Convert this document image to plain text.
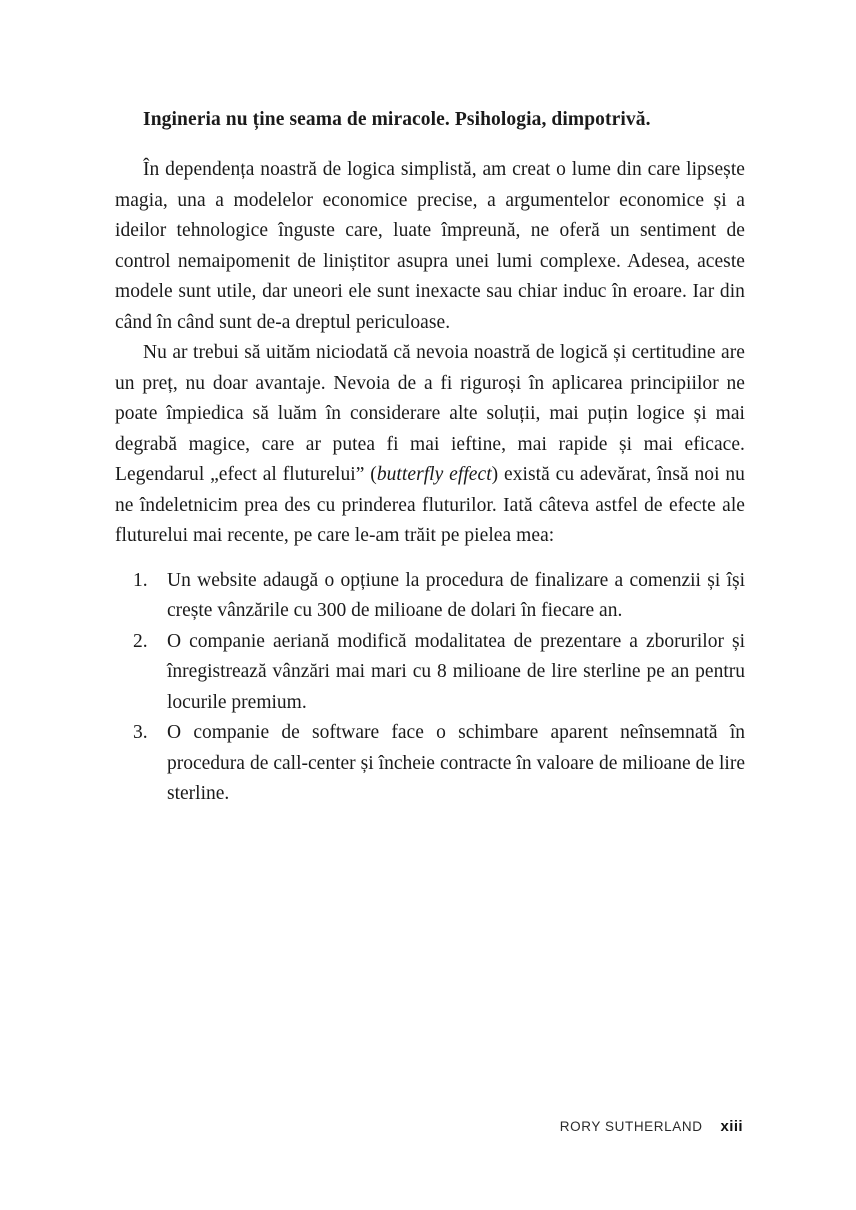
Ingineria nu ține seama de miracole. Psihologia, dimpotrivă.

În dependența noastră de logica simplistă, am creat o lume din care lipsește magia, una a modelelor economice precise, a argumentelor economice și a ideilor tehnologice înguste care, luate împreună, ne oferă un sentiment de control nemaipomenit de liniștitor asupra unei lumi complexe. Adesea, aceste modele sunt utile, dar uneori ele sunt inexacte sau chiar induc în eroare. Iar din când în când sunt de-a dreptul periculoase.

Nu ar trebui să uităm niciodată că nevoia noastră de logică și certitudine are un preț, nu doar avantaje. Nevoia de a fi riguroși în aplicarea principiilor ne poate împiedica să luăm în considerare alte soluții, mai puțin logice și mai degrabă magice, care ar putea fi mai ieftine, mai rapide și mai eficace. Legendarul „efect al fluturelui” (butterfly effect) există cu adevărat, însă noi nu ne îndeletnicim prea des cu prinderea fluturilor. Iată câteva astfel de efecte ale fluturelui mai recente, pe care le-am trăit pe pielea mea:

1. Un website adaugă o opțiune la procedura de finalizare a comenzii și își crește vânzările cu 300 de milioane de dolari în fiecare an.
2. O companie aeriană modifică modalitatea de prezentare a zborurilor și înregistrează vânzări mai mari cu 8 milioane de lire sterline pe an pentru locurile premium.
3. O companie de software face o schimbare aparent neînsemnată în procedura de call-center și încheie contracte în valoare de milioane de lire sterline.
RORY SUTHERLAND xiii
